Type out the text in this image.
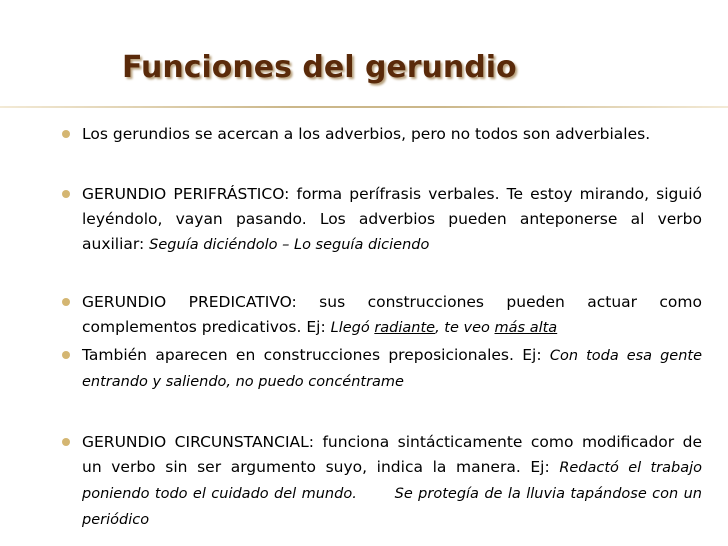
Funciones del gerundio
Los gerundios se acercan a los adverbios, pero no todos son adverbiales.
GERUNDIO PERIFRÁSTICO: forma perífrasis verbales. Te estoy mirando, siguió leyéndolo, vayan pasando. Los adverbios pueden anteponerse al verbo auxiliar: Seguía diciéndolo – Lo seguía diciendo
GERUNDIO PREDICATIVO: sus construcciones pueden actuar como complementos predicativos. Ej: Llegó radiante, te veo más alta
También aparecen en construcciones preposicionales. Ej: Con toda esa gente entrando y saliendo, no puedo concéntrame
GERUNDIO CIRCUNSTANCIAL: funciona sintácticamente como modificador de un verbo sin ser argumento suyo, indica la manera. Ej: Redactó el trabajo poniendo todo el cuidado del mundo.       Se protegía de la lluvia tapándose con un periódico
